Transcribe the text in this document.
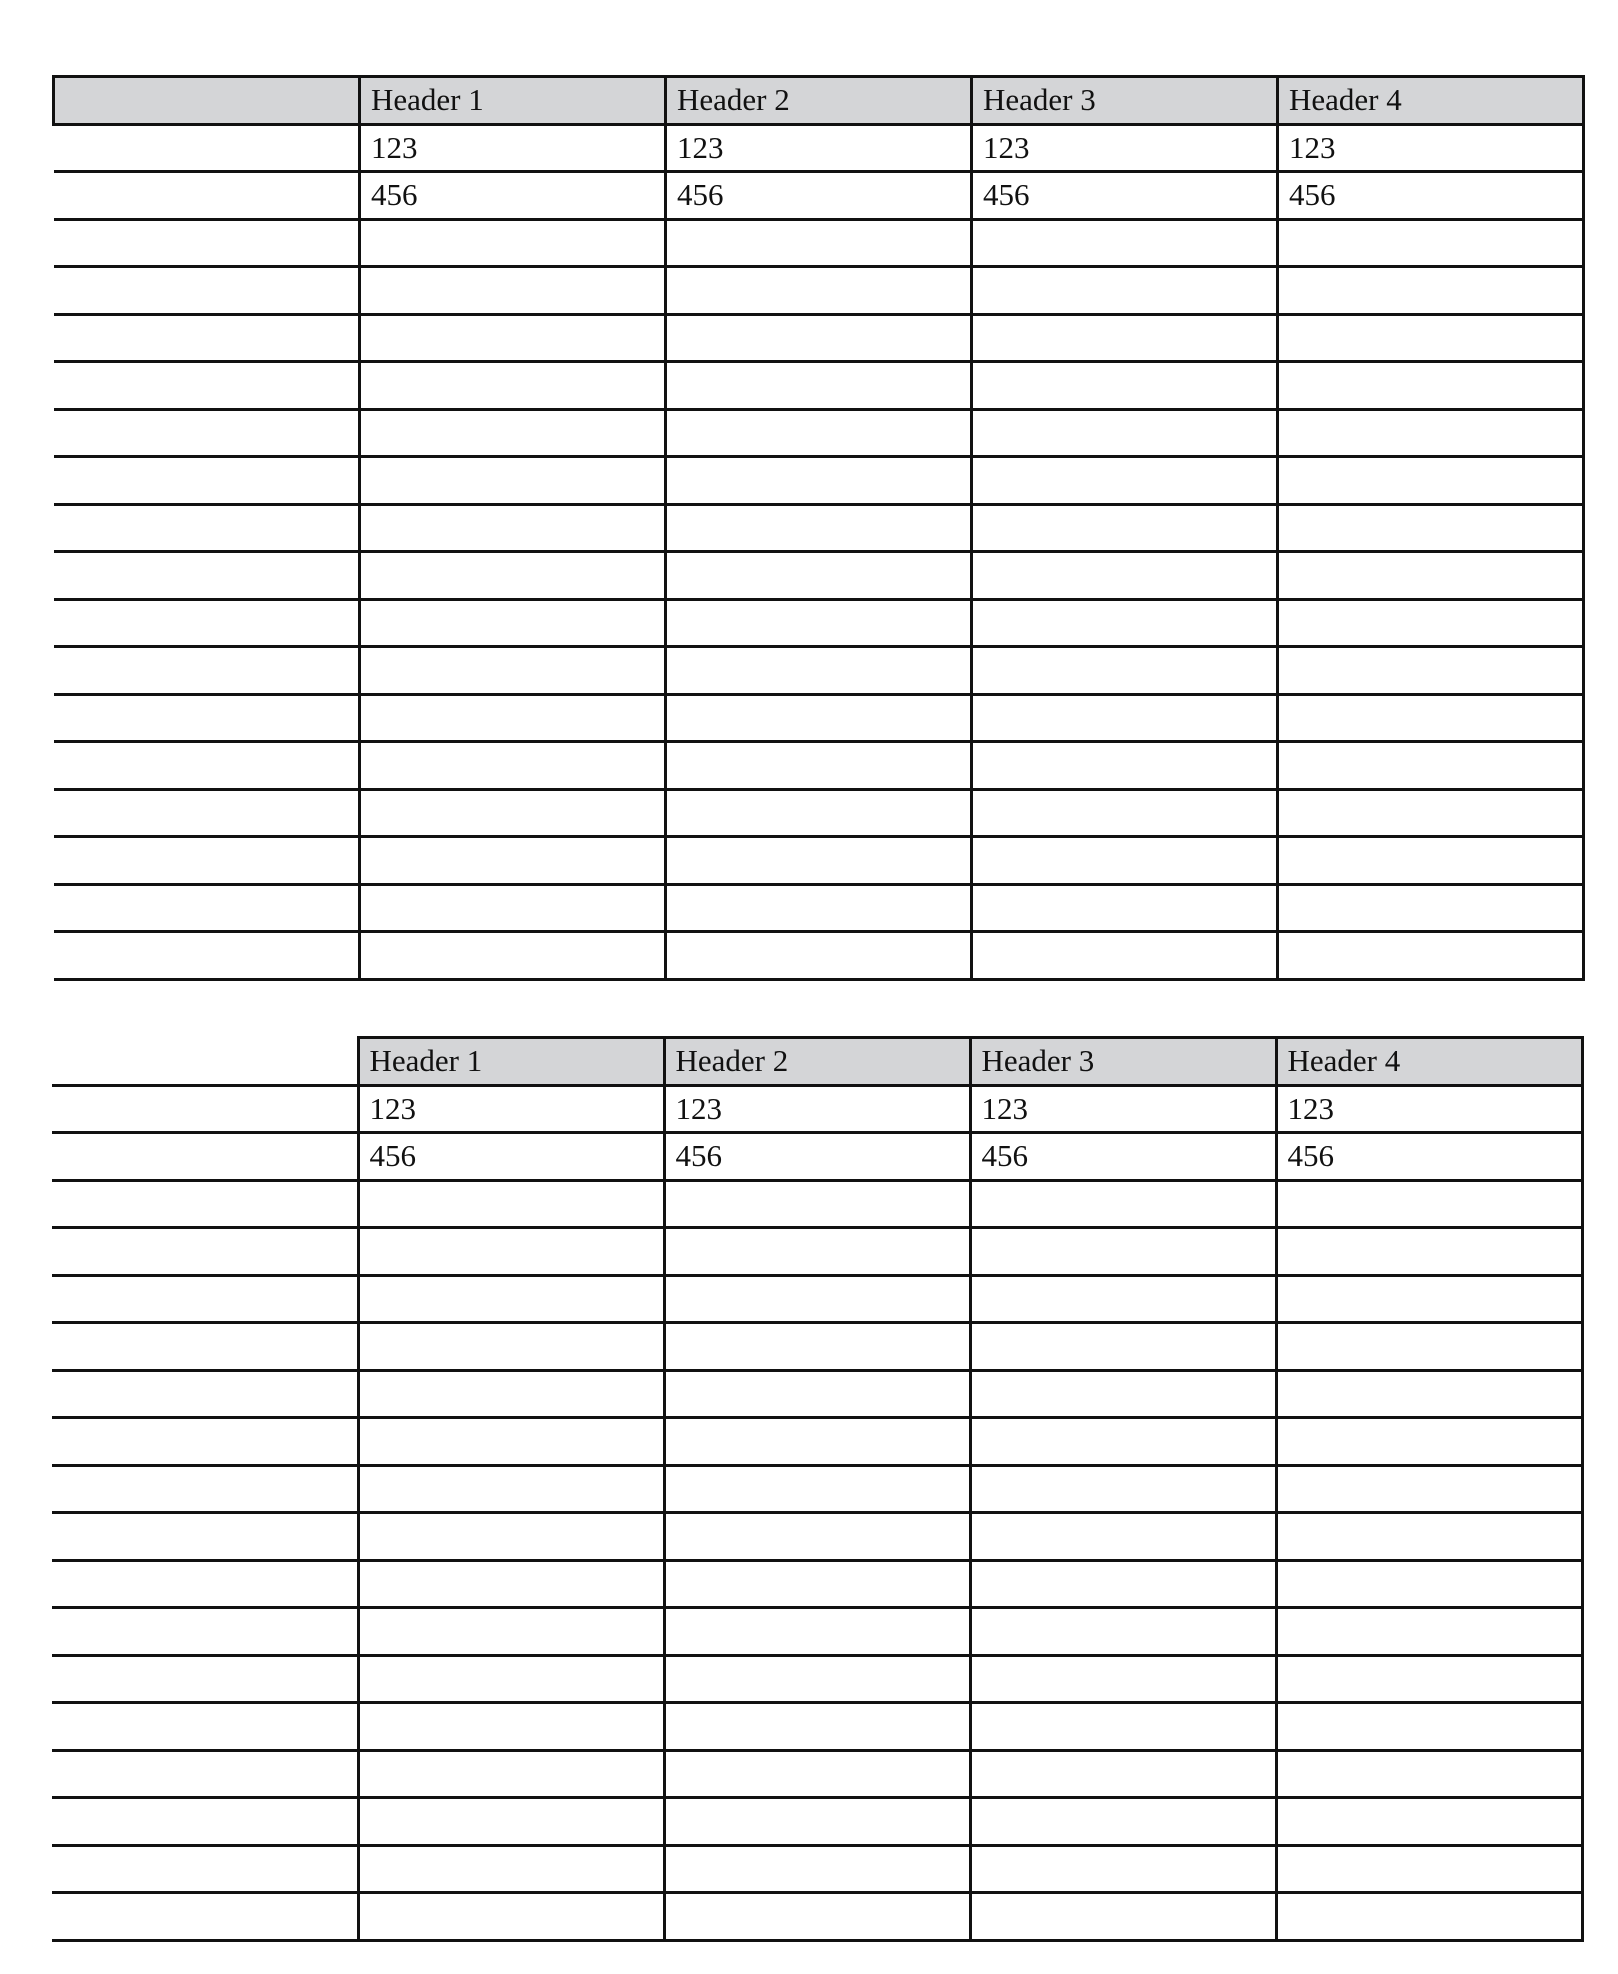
	Header 1	Header 2	Header 3	Header 4
	123	123	123	123
	456	456	456	456

	Header 1	Header 2	Header 3	Header 4
	123	123	123	123
	456	456	456	456
